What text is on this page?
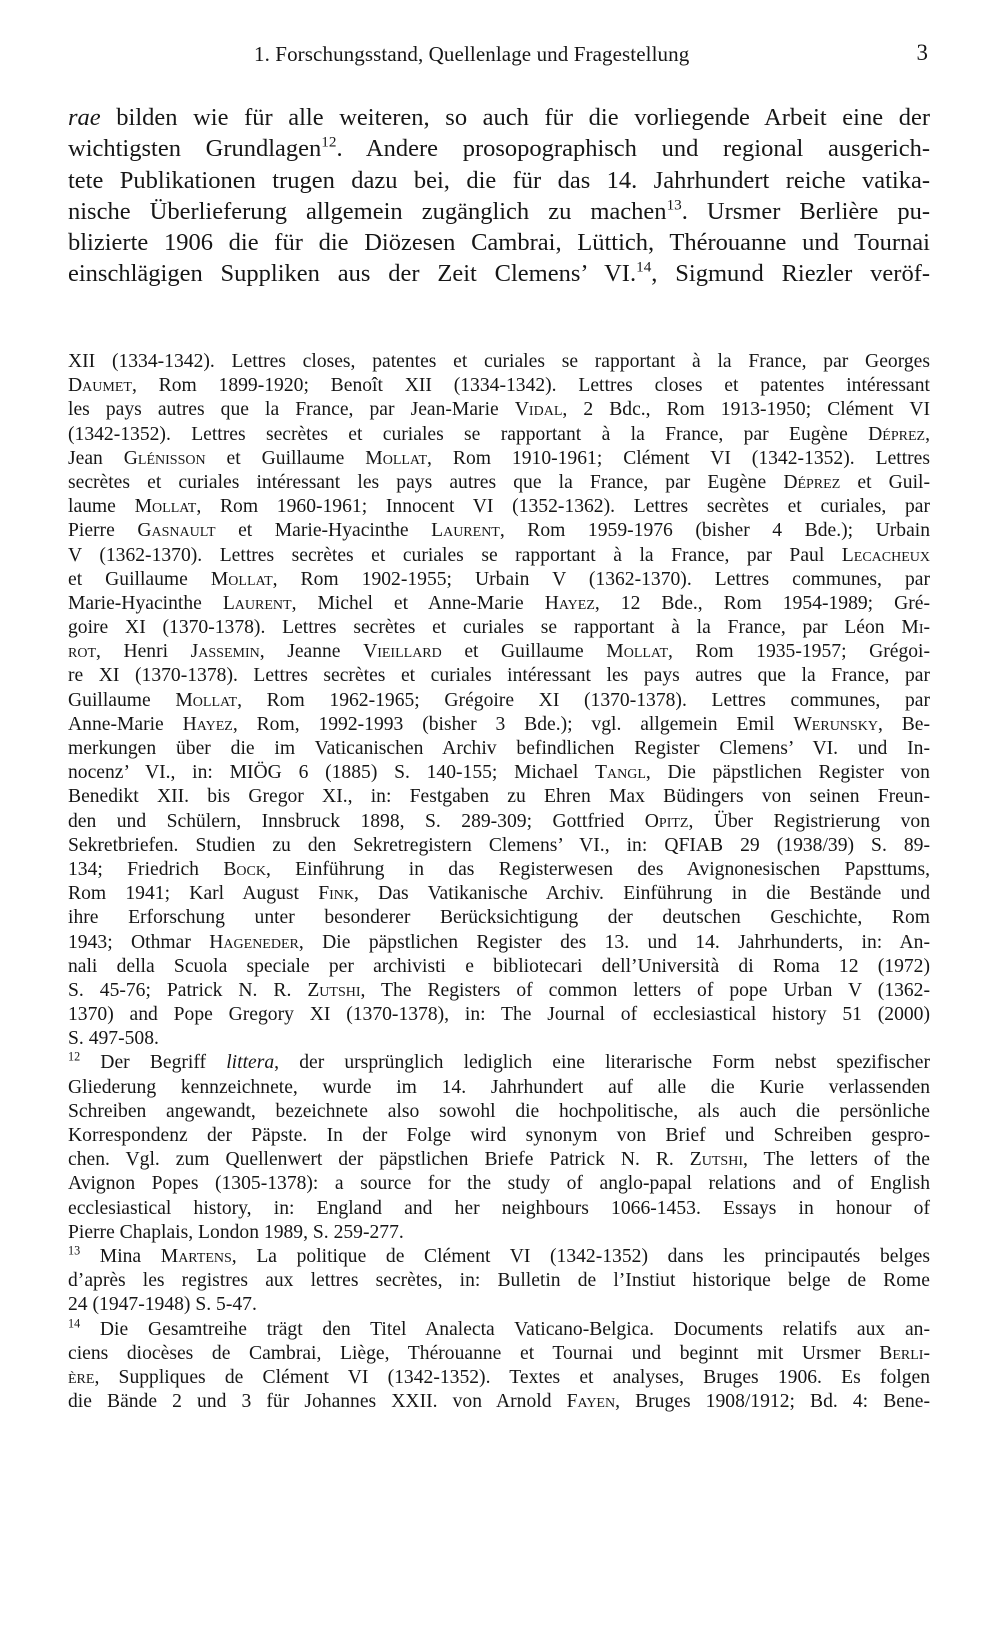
1. Forschungsstand, Quellenlage und Fragestellung	3
rae bilden wie für alle weiteren, so auch für die vorliegende Arbeit eine der
wichtigsten Grundlagen$^{12}$. Andere prosopographisch und regional ausgerich-
tete Publikationen trugen dazu bei, die für das 14. Jahrhundert reiche vatika-
nische Überlieferung allgemein zugänglich zu machen$^{13}$. Ursmer Berlière pu-
blizierte 1906 die für die Diözesen Cambrai, Lüttich, Thérouanne und Tournai
einschlägigen Suppliken aus der Zeit Clemens’ VI.$^{14}$, Sigmund Riezler veröf-
XII (1334-1342). Lettres closes, patentes et curiales se rapportant à la France, par Georges
Daumet, Rom 1899-1920; Benoît XII (1334-1342). Lettres closes et patentes intéressant
les pays autres que la France, par Jean-Marie Vidal, 2 Bdc., Rom 1913-1950; Clément VI
(1342-1352). Lettres secrètes et curiales se rapportant à la France, par Eugène Déprez,
Jean Glénisson et Guillaume Mollat, Rom 1910-1961; Clément VI (1342-1352). Lettres
secrètes et curiales intéressant les pays autres que la France, par Eugène Déprez et Guil-
laume Mollat, Rom 1960-1961; Innocent VI (1352-1362). Lettres secrètes et curiales, par
Pierre Gasnault et Marie-Hyacinthe Laurent, Rom 1959-1976 (bisher 4 Bde.); Urbain
V (1362-1370). Lettres secrètes et curiales se rapportant à la France, par Paul Lecacheux
et Guillaume Mollat, Rom 1902-1955; Urbain V (1362-1370). Lettres communes, par
Marie-Hyacinthe Laurent, Michel et Anne-Marie Hayez, 12 Bde., Rom 1954-1989; Gré-
goire XI (1370-1378). Lettres secrètes et curiales se rapportant à la France, par Léon Mi-
rot, Henri Jassemin, Jeanne Vieillard et Guillaume Mollat, Rom 1935-1957; Grégoi-
re XI (1370-1378). Lettres secrètes et curiales intéressant les pays autres que la France, par
Guillaume Mollat, Rom 1962-1965; Grégoire XI (1370-1378). Lettres communes, par
Anne-Marie Hayez, Rom, 1992-1993 (bisher 3 Bde.); vgl. allgemein Emil Werunsky, Be-
merkungen über die im Vaticanischen Archiv befindlichen Register Clemens’ VI. und In-
nocenz’ VI., in: MIÖG 6 (1885) S. 140-155; Michael Tangl, Die päpstlichen Register von
Benedikt XII. bis Gregor XI., in: Festgaben zu Ehren Max Büdingers von seinen Freun-
den und Schülern, Innsbruck 1898, S. 289-309; Gottfried Opitz, Über Registrierung von
Sekretbriefen. Studien zu den Sekretregistern Clemens’ VI., in: QFIAB 29 (1938/39) S. 89-
134; Friedrich Bock, Einführung in das Registerwesen des Avignonesischen Papsttums,
Rom 1941; Karl August Fink, Das Vatikanische Archiv. Einführung in die Bestände und
ihre Erforschung unter besonderer Berücksichtigung der deutschen Geschichte, Rom
1943; Othmar Hageneder, Die päpstlichen Register des 13. und 14. Jahrhunderts, in: An-
nali della Scuola speciale per archivisti e bibliotecari dell’Università di Roma 12 (1972)
S. 45-76; Patrick N. R. Zutshi, The Registers of common letters of pope Urban V (1362-
1370) and Pope Gregory XI (1370-1378), in: The Journal of ecclesiastical history 51 (2000)
S. 497-508.
$^{12}$ Der Begriff littera, der ursprünglich lediglich eine literarische Form nebst spezifischer
Gliederung kennzeichnete, wurde im 14. Jahrhundert auf alle die Kurie verlassenden
Schreiben angewandt, bezeichnete also sowohl die hochpolitische, als auch die persönliche
Korrespondenz der Päpste. In der Folge wird synonym von Brief und Schreiben gespro-
chen. Vgl. zum Quellenwert der päpstlichen Briefe Patrick N. R. Zutshi, The letters of the
Avignon Popes (1305-1378): a source for the study of anglo-papal relations and of English
ecclesiastical history, in: England and her neighbours 1066-1453. Essays in honour of
Pierre Chaplais, London 1989, S. 259-277.
$^{13}$ Mina Martens, La politique de Clément VI (1342-1352) dans les principautés belges
d’après les registres aux lettres secrètes, in: Bulletin de l’Instiut historique belge de Rome
24 (1947-1948) S. 5-47.
$^{14}$ Die Gesamtreihe trägt den Titel Analecta Vaticano-Belgica. Documents relatifs aux an-
ciens diocèses de Cambrai, Liège, Thérouanne et Tournai und beginnt mit Ursmer Berli-
ère, Suppliques de Clément VI (1342-1352). Textes et analyses, Bruges 1906. Es folgen
die Bände 2 und 3 für Johannes XXII. von Arnold Fayen, Bruges 1908/1912; Bd. 4: Bene-
